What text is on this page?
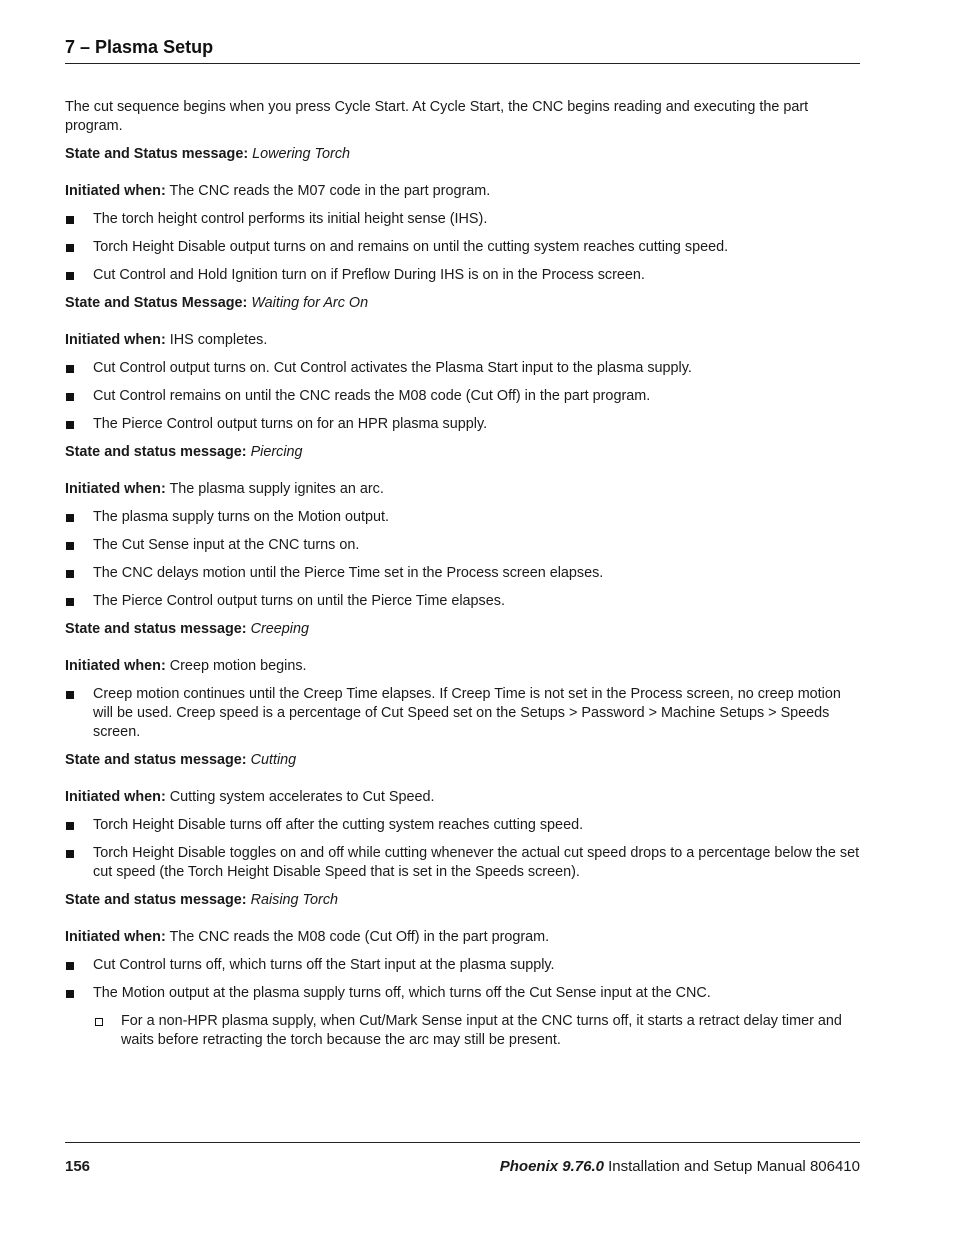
7 – Plasma Setup

The cut sequence begins when you press Cycle Start. At Cycle Start, the CNC begins reading and executing the part program.

State and Status message: Lowering Torch
Initiated when: The CNC reads the M07 code in the part program.
The torch height control performs its initial height sense (IHS).
Torch Height Disable output turns on and remains on until the cutting system reaches cutting speed.
Cut Control and Hold Ignition turn on if Preflow During IHS is on in the Process screen.
State and Status Message: Waiting for Arc On
Initiated when: IHS completes.
Cut Control output turns on. Cut Control activates the Plasma Start input to the plasma supply.
Cut Control remains on until the CNC reads the M08 code (Cut Off) in the part program.
The Pierce Control output turns on for an HPR plasma supply.
State and status message: Piercing
Initiated when: The plasma supply ignites an arc.
The plasma supply turns on the Motion output.
The Cut Sense input at the CNC turns on.
The CNC delays motion until the Pierce Time set in the Process screen elapses.
The Pierce Control output turns on until the Pierce Time elapses.
State and status message: Creeping
Initiated when: Creep motion begins.
Creep motion continues until the Creep Time elapses. If Creep Time is not set in the Process screen, no creep motion will be used. Creep speed is a percentage of Cut Speed set on the Setups > Password > Machine Setups > Speeds screen.
State and status message: Cutting
Initiated when: Cutting system accelerates to Cut Speed.
Torch Height Disable turns off after the cutting system reaches cutting speed.
Torch Height Disable toggles on and off while cutting whenever the actual cut speed drops to a percentage below the set cut speed (the Torch Height Disable Speed that is set in the Speeds screen).
State and status message: Raising Torch
Initiated when: The CNC reads the M08 code (Cut Off) in the part program.
Cut Control turns off, which turns off the Start input at the plasma supply.
The Motion output at the plasma supply turns off, which turns off the Cut Sense input at the CNC.
For a non-HPR plasma supply, when Cut/Mark Sense input at the CNC turns off, it starts a retract delay timer and waits before retracting the torch because the arc may still be present.
156	Phoenix 9.76.0 Installation and Setup Manual 806410
